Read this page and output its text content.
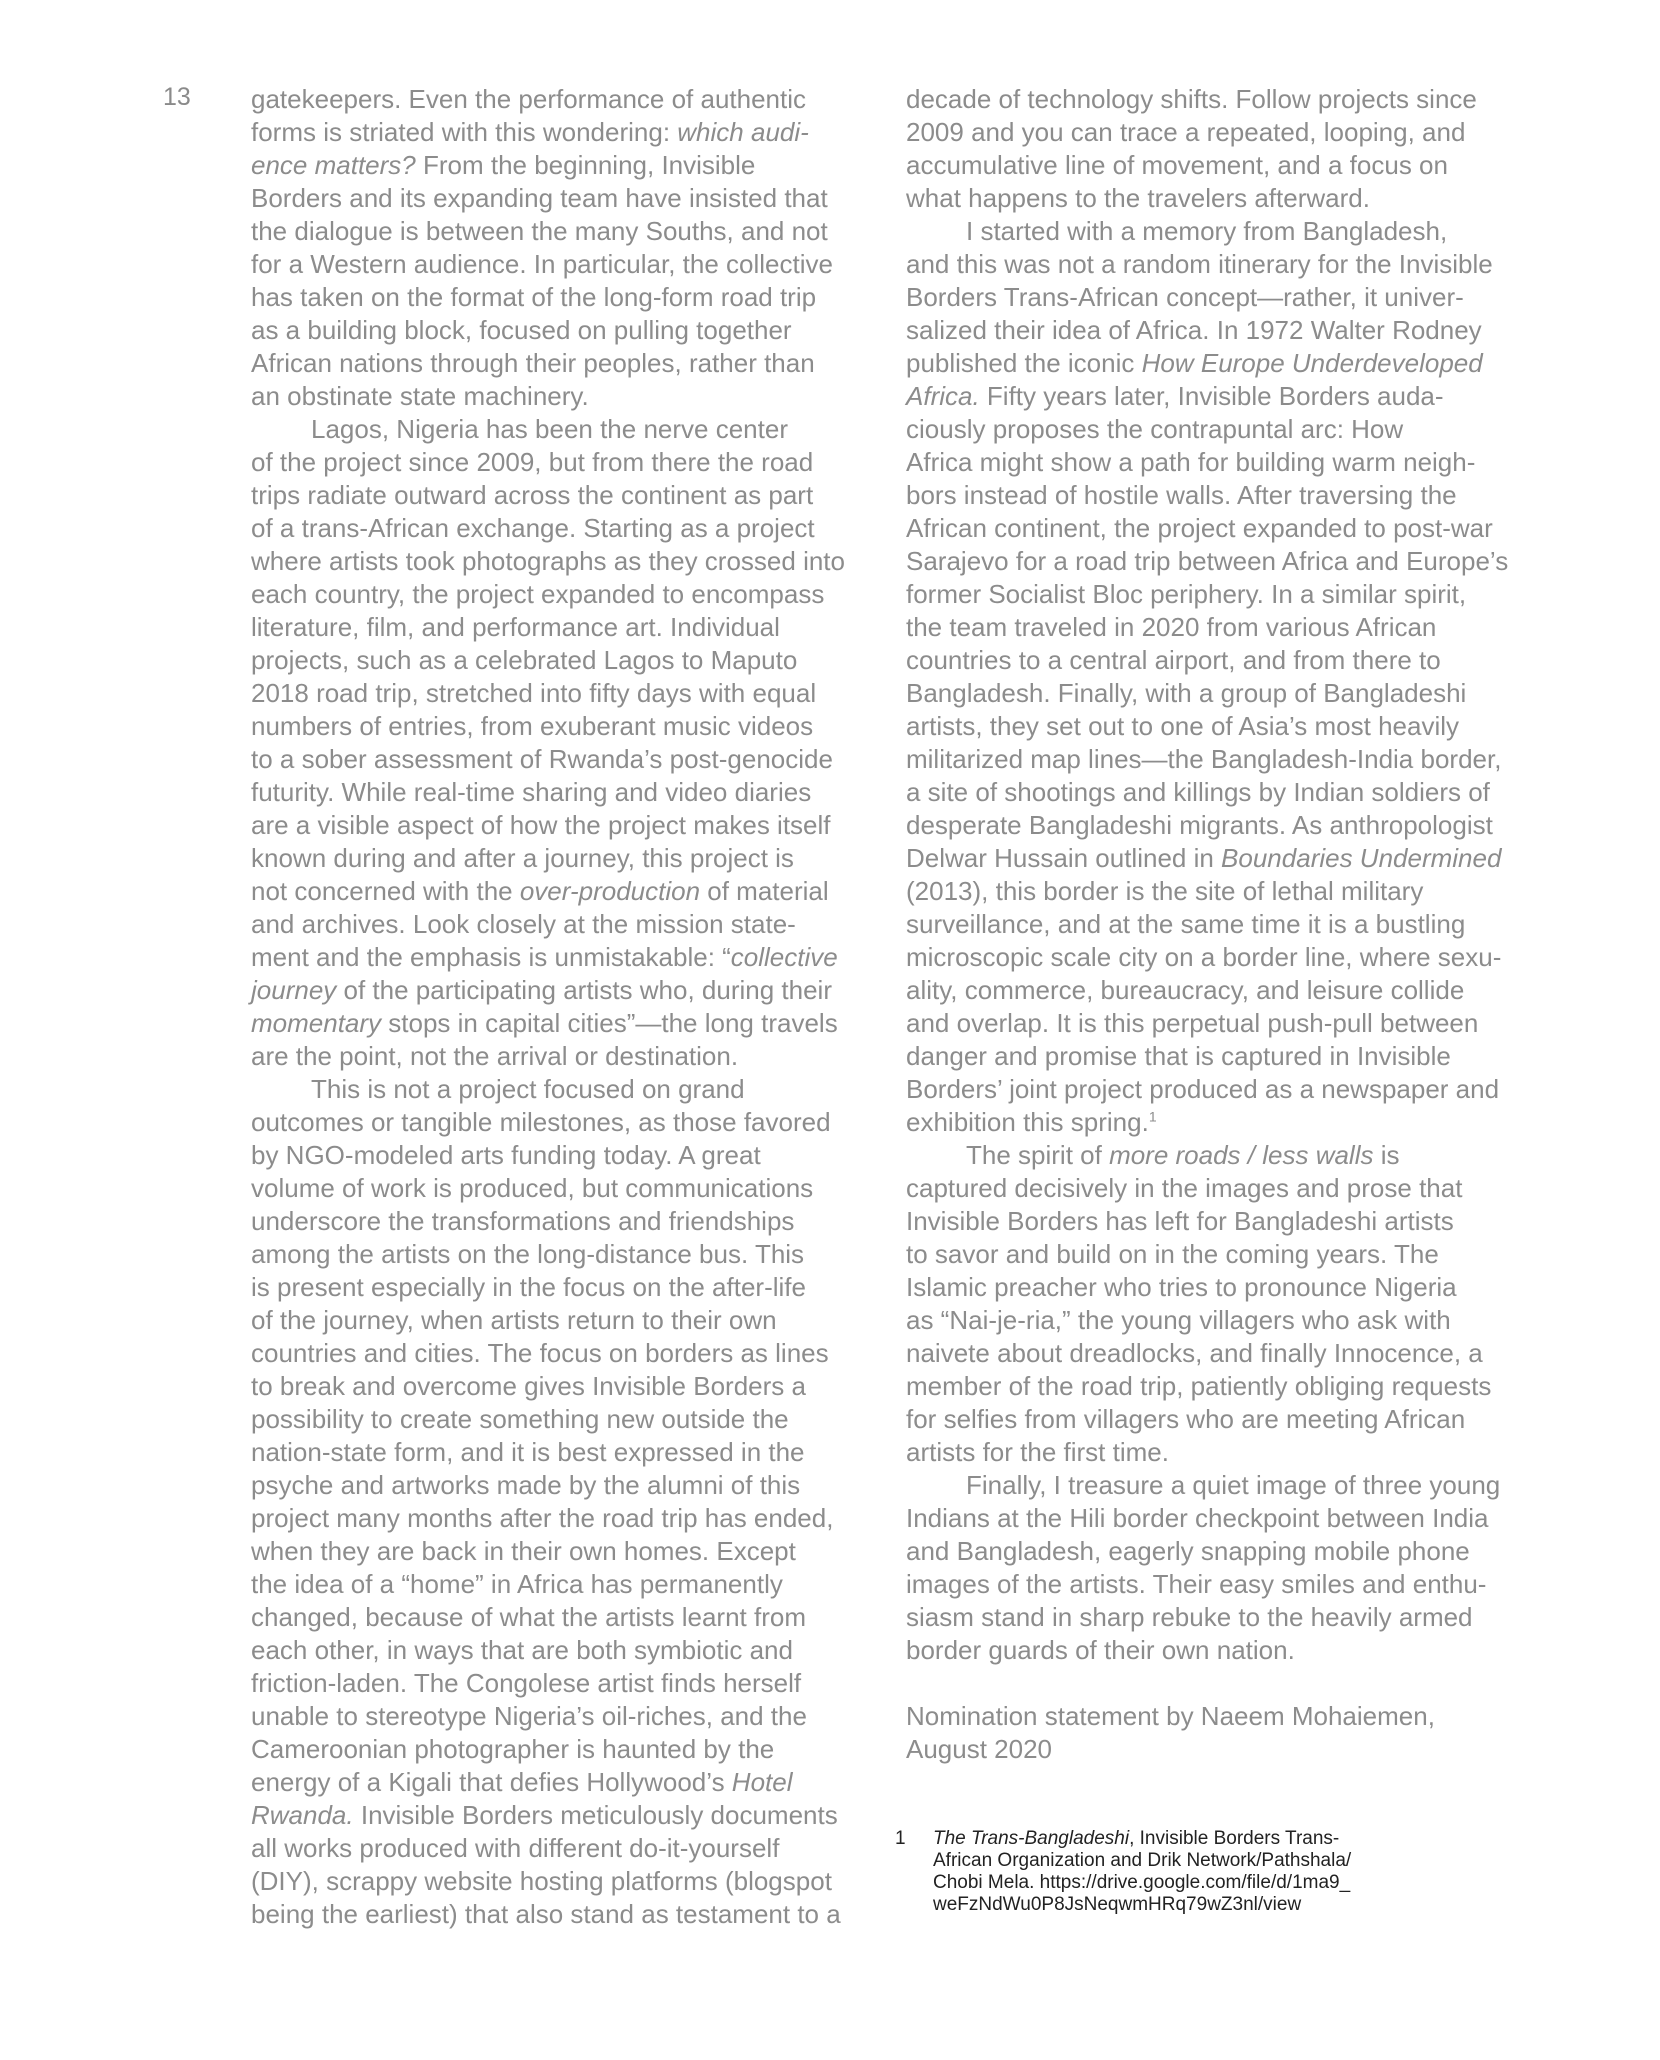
13 gatekeepers. Even the performance of authentic
forms is striated with this wondering: which audi-
ence matters? From the beginning, Invisible
Borders and its expanding team have insisted that
the dialogue is between the many Souths, and not
for a Western audience. In particular, the collective
has taken on the format of the long-form road trip
as a building block, focused on pulling together
African nations through their peoples, rather than
an obstinate state machinery.
Lagos, Nigeria has been the nerve center
of the project since 2009, but from there the road
trips radiate outward across the continent as part
of a trans-African exchange. Starting as a project
where artists took photographs as they crossed into
each country, the project expanded to encompass
literature, film, and performance art. Individual
projects, such as a celebrated Lagos to Maputo
2018 road trip, stretched into fifty days with equal
numbers of entries, from exuberant music videos
to a sober assessment of Rwanda’s post-genocide
futurity. While real-time sharing and video diaries
are a visible aspect of how the project makes itself
known during and after a journey, this project is
not concerned with the over-production of material
and archives. Look closely at the mission state-
ment and the emphasis is unmistakable: “collective
journey of the participating artists who, during their
momentary stops in capital cities”—the long travels
are the point, not the arrival or destination.
This is not a project focused on grand
outcomes or tangible milestones, as those favored
by NGO-modeled arts funding today. A great
volume of work is produced, but communications
underscore the transformations and friendships
among the artists on the long-distance bus. This
is present especially in the focus on the after-life
of the journey, when artists return to their own
countries and cities. The focus on borders as lines
to break and overcome gives Invisible Borders a
possibility to create something new outside the
nation-state form, and it is best expressed in the
psyche and artworks made by the alumni of this
project many months after the road trip has ended,
when they are back in their own homes. Except
the idea of a “home” in Africa has permanently
changed, because of what the artists learnt from
each other, in ways that are both symbiotic and
friction-laden. The Congolese artist finds herself
unable to stereotype Nigeria’s oil-riches, and the
Cameroonian photographer is haunted by the
energy of a Kigali that defies Hollywood’s Hotel
Rwanda. Invisible Borders meticulously documents
all works produced with different do-it-yourself
(DIY), scrappy website hosting platforms (blogspot
being the earliest) that also stand as testament to a
decade of technology shifts. Follow projects since
2009 and you can trace a repeated, looping, and
accumulative line of movement, and a focus on
what happens to the travelers afterward.
I started with a memory from Bangladesh,
and this was not a random itinerary for the Invisible
Borders Trans-African concept—rather, it univer-
salized their idea of Africa. In 1972 Walter Rodney
published the iconic How Europe Underdeveloped
Africa. Fifty years later, Invisible Borders auda-
ciously proposes the contrapuntal arc: How
Africa might show a path for building warm neigh-
bors instead of hostile walls. After traversing the
African continent, the project expanded to post-war
Sarajevo for a road trip between Africa and Europe’s
former Socialist Bloc periphery. In a similar spirit,
the team traveled in 2020 from various African
countries to a central airport, and from there to
Bangladesh. Finally, with a group of Bangladeshi
artists, they set out to one of Asia’s most heavily
militarized map lines—the Bangladesh-India border,
a site of shootings and killings by Indian soldiers of
desperate Bangladeshi migrants. As anthropologist
Delwar Hussain outlined in Boundaries Undermined
(2013), this border is the site of lethal military
surveillance, and at the same time it is a bustling
microscopic scale city on a border line, where sexu-
ality, commerce, bureaucracy, and leisure collide
and overlap. It is this perpetual push-pull between
danger and promise that is captured in Invisible
Borders’ joint project produced as a newspaper and
exhibition this spring.$^1$
The spirit of more roads / less walls is
captured decisively in the images and prose that
Invisible Borders has left for Bangladeshi artists
to savor and build on in the coming years. The
Islamic preacher who tries to pronounce Nigeria
as “Nai-je-ria,” the young villagers who ask with
naivete about dreadlocks, and finally Innocence, a
member of the road trip, patiently obliging requests
for selfies from villagers who are meeting African
artists for the first time.
Finally, I treasure a quiet image of three young
Indians at the Hili border checkpoint between India
and Bangladesh, eagerly snapping mobile phone
images of the artists. Their easy smiles and enthu-
siasm stand in sharp rebuke to the heavily armed
border guards of their own nation.
Nomination statement by Naeem Mohaiemen,
August 2020
1 The Trans-Bangladeshi, Invisible Borders Trans-
African Organization and Drik Network/Pathshala/
Chobi Mela. https://drive.google.com/file/d/1ma9_
weFzNdWu0P8JsNeqwmHRq79wZ3nl/view
